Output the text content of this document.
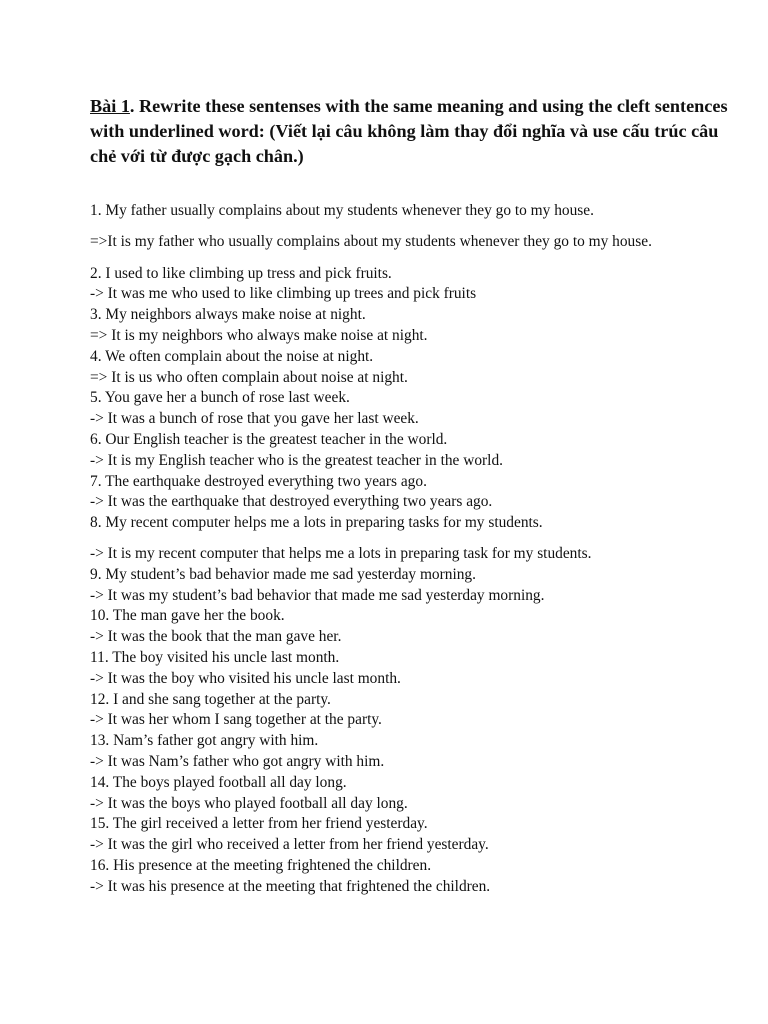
Bài 1. Rewrite these sentenses with the same meaning and using the cleft sentences with underlined word: (Viết lại câu không làm thay đổi nghĩa và use cấu trúc câu chẻ với từ được gạch chân.)

1. My father usually complains about my students whenever they go to my house.

=>It is my father who usually complains about my students whenever they go to my house.

2. I used to like climbing up tress and pick fruits.

-> It was me who used to like climbing up trees and pick fruits

3. My neighbors always make noise at night.

=> It is my neighbors who always make noise at night.

4. We often complain about the noise at night.

=> It is us who often complain about noise at night.

5. You gave her a bunch of rose last week.

-> It was a bunch of rose that you gave her last week.

6. Our English teacher is the greatest teacher in the world.

-> It is my English teacher who is the greatest teacher in the world.

7. The earthquake destroyed everything two years ago.

-> It was the earthquake that destroyed everything two years ago.

8. My recent computer helps me a lots in preparing tasks for my students.

-> It is my recent computer that helps me a lots in preparing task for my students.

9. My student’s bad behavior made me sad yesterday morning.

-> It was my student’s bad behavior that made me sad yesterday morning.

10. The man gave her the book.

-> It was the book that the man gave her.

11. The boy visited his uncle last month.

-> It was the boy who visited his uncle last month.

12. I and she sang together at the party.

-> It was her whom I sang together at the party.

13. Nam’s father got angry with him.

-> It was Nam’s father who got angry with him.

14. The boys played football all day long.

-> It was the boys who played football all day long.

15. The girl received a letter from her friend yesterday.

-> It was the girl who received a letter from her friend yesterday.

16. His presence at the meeting frightened the children.

-> It was his presence at the meeting that frightened the children.
